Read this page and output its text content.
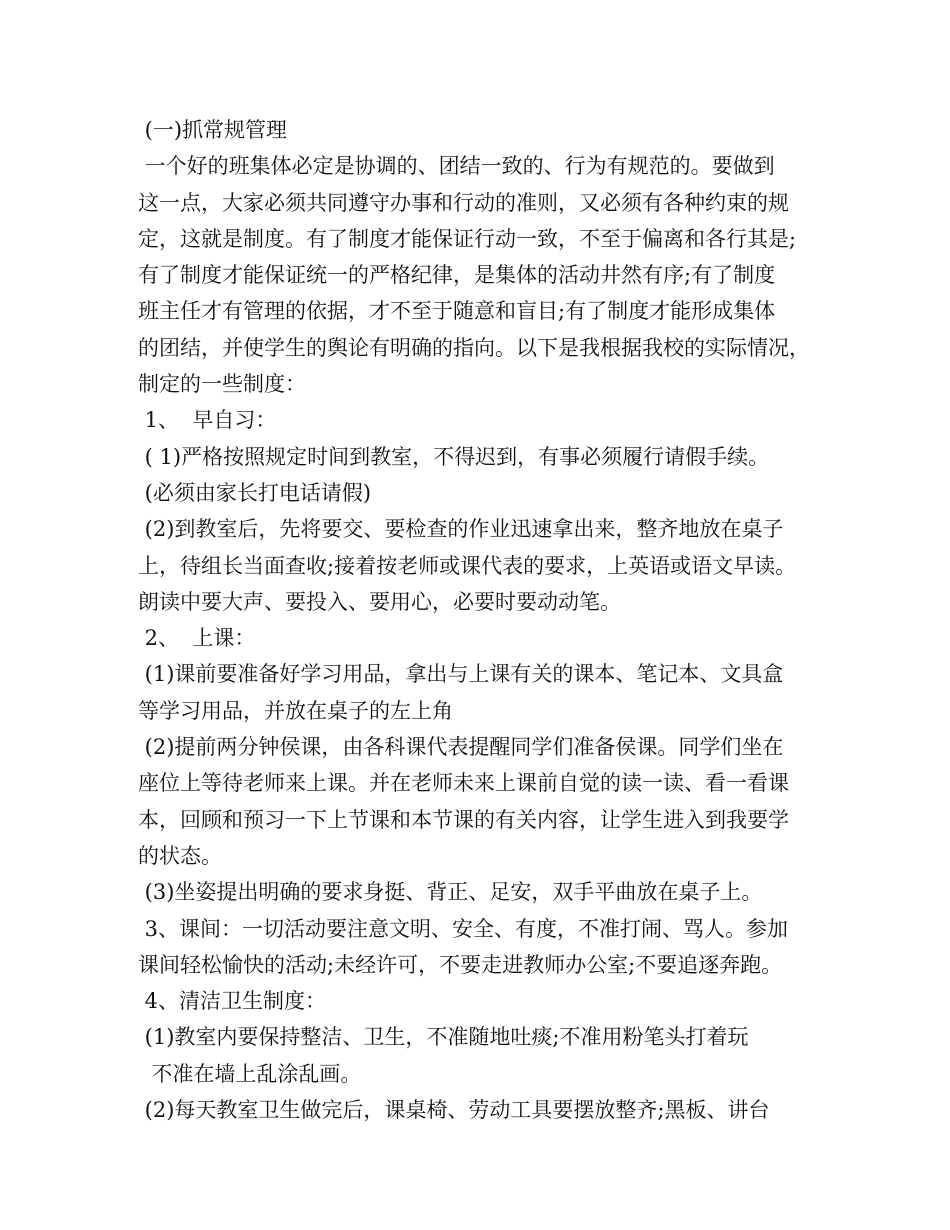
(一)抓常规管理
一个好的班集体必定是协调的、团结一致的、行为有规范的。要做到
这一点，大家必须共同遵守办事和行动的准则，又必须有各种约束的规
定，这就是制度。有了制度才能保证行动一致，不至于偏离和各行其是;
有了制度才能保证统一的严格纪律，是集体的活动井然有序;有了制度
班主任才有管理的依据，才不至于随意和盲目;有了制度才能形成集体
的团结，并使学生的舆论有明确的指向。以下是我根据我校的实际情况，
制定的一些制度：
1、  早自习：
( 1)严格按照规定时间到教室，不得迟到，有事必须履行请假手续。
(必须由家长打电话请假)
(2)到教室后，先将要交、要检查的作业迅速拿出来，整齐地放在桌子
上，待组长当面查收;接着按老师或课代表的要求，上英语或语文早读。
朗读中要大声、要投入、要用心，必要时要动动笔。
2、  上课：
(1)课前要准备好学习用品，拿出与上课有关的课本、笔记本、文具盒
等学习用品，并放在桌子的左上角
(2)提前两分钟侯课，由各科课代表提醒同学们准备侯课。同学们坐在
座位上等待老师来上课。并在老师未来上课前自觉的读一读、看一看课
本，回顾和预习一下上节课和本节课的有关内容，让学生进入到我要学
的状态。
(3)坐姿提出明确的要求身挺、背正、足安，双手平曲放在桌子上。
3、课间：一切活动要注意文明、安全、有度，不准打闹、骂人。参加
课间轻松愉快的活动;未经许可，不要走进教师办公室;不要追逐奔跑。
4、清洁卫生制度：
(1)教室内要保持整洁、卫生，不准随地吐痰;不准用粉笔头打着玩
不准在墙上乱涂乱画。
(2)每天教室卫生做完后，课桌椅、劳动工具要摆放整齐;黑板、讲台
